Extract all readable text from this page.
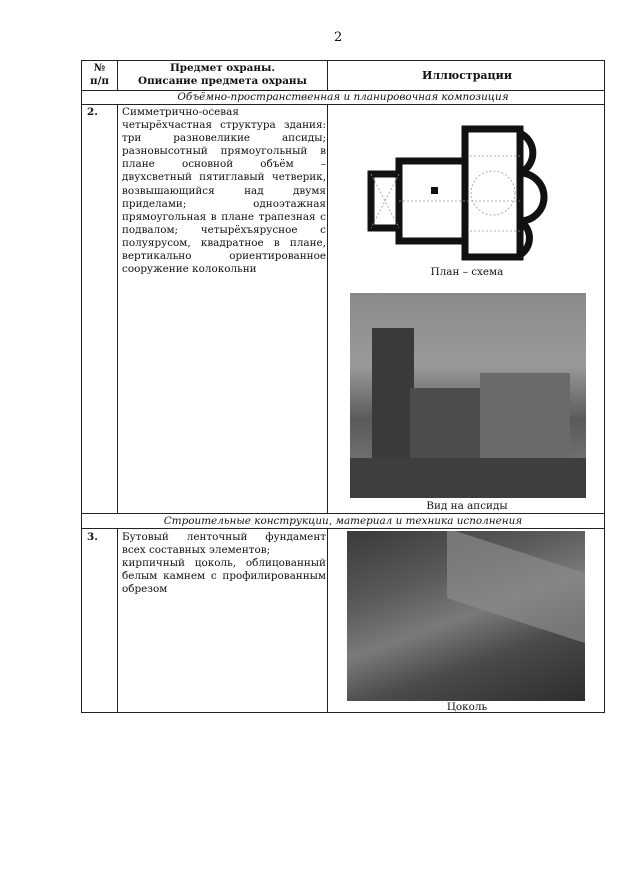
2
№
п/п
Предмет охраны.
Описание предмета охраны	Иллюстрации
Объёмно-пространственная и планировочная композиция
2. Симметрично-осевая
четырёхчастная структура здания:
три разновеликие апсиды;
разновысотный прямоугольный в
плане основной объём –
двухсветный пятиглавый четверик,
возвышающийся над двумя
приделами; одноэтажная
прямоугольная в плане трапезная с
подвалом; четырёхъярусное с
полуярусом, квадратное в плане,
вертикально ориентированное
сооружение колокольни	План – схема
Вид на апсиды
Строительные конструкции, материал и техника исполнения
3. Бутовый ленточный фундамент
всех составных элементов;
кирпичный цоколь, облицованный
белым камнем с профилированным
обрезом
Цоколь
